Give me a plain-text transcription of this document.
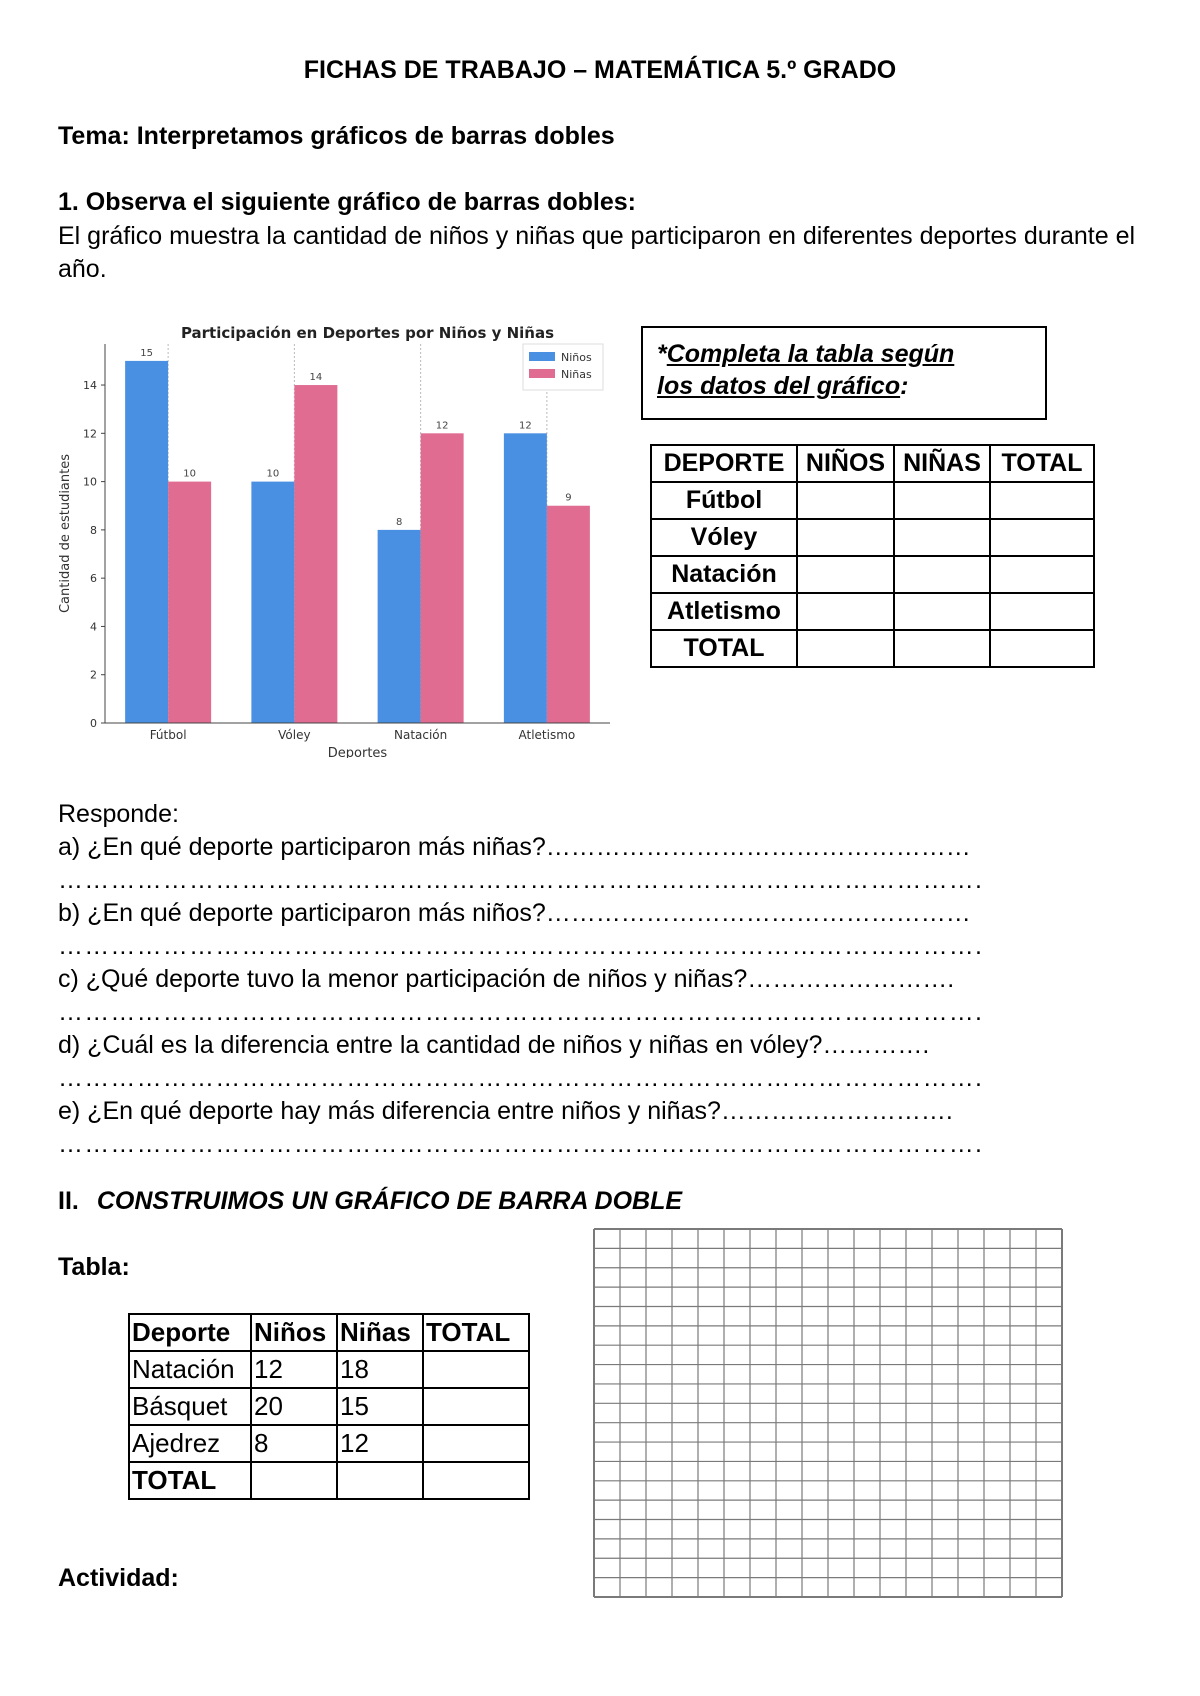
FICHAS DE TRABAJO – MATEMÁTICA 5.º GRADO
Tema: Interpretamos gráficos de barras dobles
1. Observa el siguiente gráfico de barras dobles:
El gráfico muestra la cantidad de niños y niñas que participaron en diferentes deportes durante el año.
Participación en Deportes por Niños y Niñas
15
10
Fútbol
10
14
Vóley
8
12
Natación
12
9
Atletismo
0
2
4
6
8
10
12
14
Deportes
Cantidad de estudiantes
Niños
Niñas
*Completa la tabla según
los datos del gráfico:
DEPORTE	NIÑOS	NIÑAS	TOTAL
Fútbol			
Vóley			
Natación			
Atletismo			
TOTAL			
Responde:
a) ¿En qué deporte participaron más niñas?……………………………………………
…………………………………………………………………………………………….
b) ¿En qué deporte participaron más niños?……………………………………………
…………………………………………………………………………………………….
c) ¿Qué deporte tuvo la menor participación de niños y niñas?…………………….
…………………………………………………………………………………………….
d) ¿Cuál es la diferencia entre la cantidad de niños y niñas en vóley?………….
…………………………………………………………………………………………….
e) ¿En qué deporte hay más diferencia entre niños y niñas?……………………….
…………………………………………………………………………………………….
II. CONSTRUIMOS UN GRÁFICO DE BARRA DOBLE
Tabla:
Deporte	Niños	Niñas	TOTAL
Natación	12	18	
Básquet	20	15	
Ajedrez	8	12	
TOTAL			
Actividad:
